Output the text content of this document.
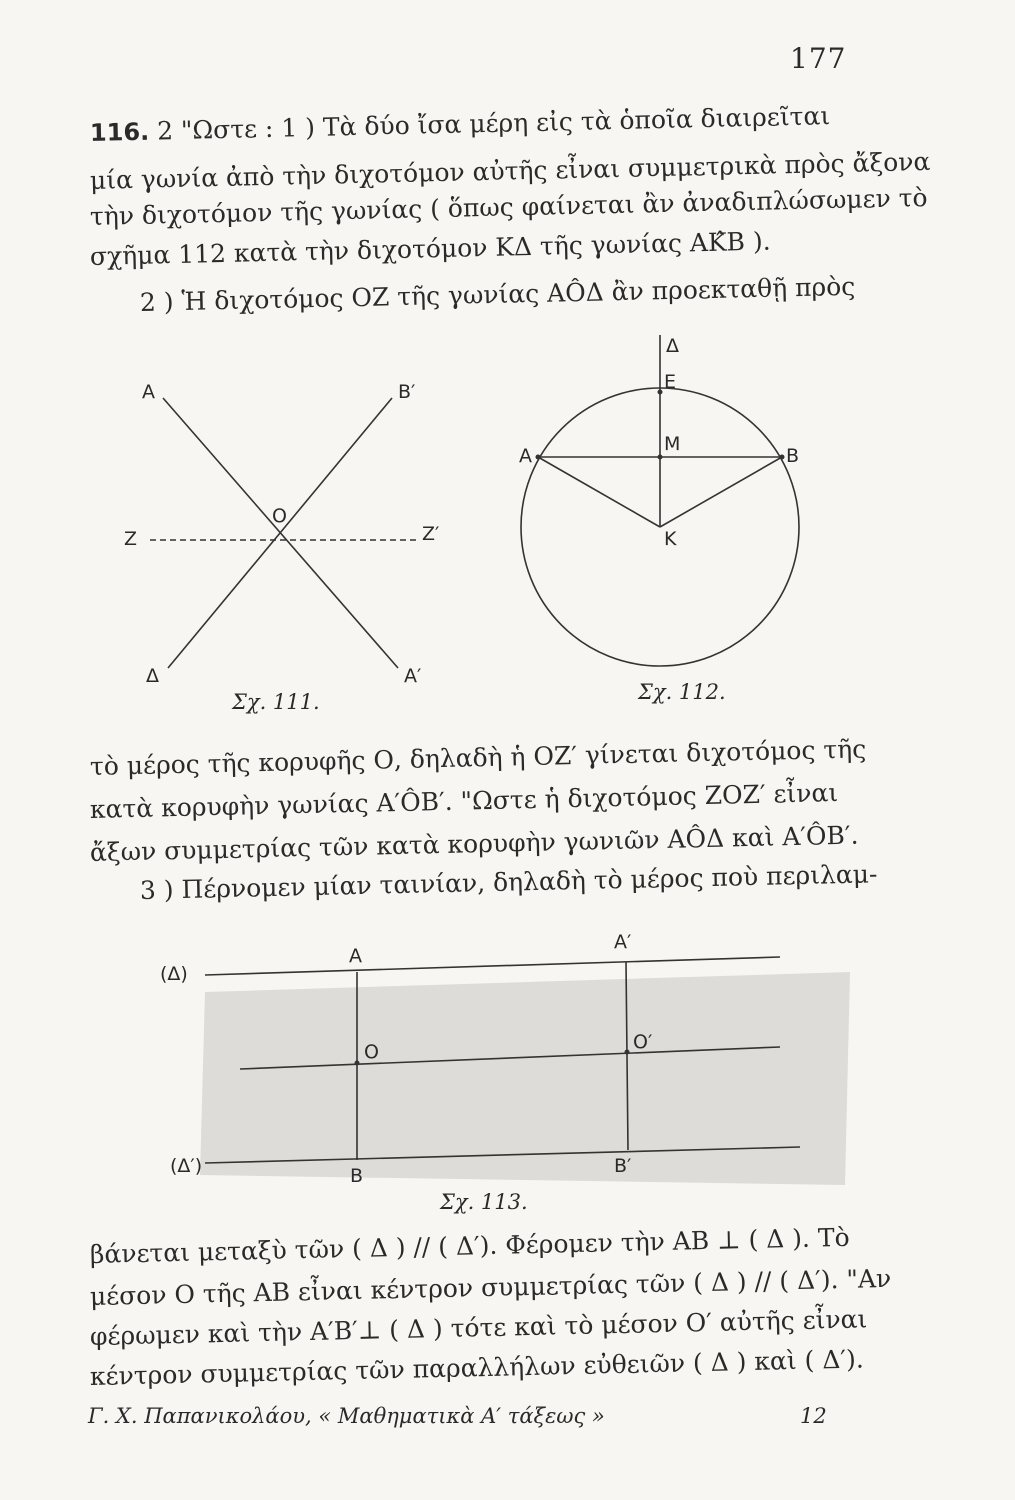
177
116. 2 "Ωστε : 1 ) Τὰ δύο ἴσα μέρη εἰς τὰ ὁποῖα διαιρεῖται
μία γωνία ἀπὸ τὴν διχοτόμον αὐτῆς εἶναι συμμετρικὰ πρὸς ἄξονα
τὴν διχοτόμον τῆς γωνίας ( ὅπως φαίνεται ἂν ἀναδιπλώσωμεν τὸ
σχῆμα 112 κατὰ τὴν διχοτόμον ΚΔ τῆς γωνίας ΑΚ̂Β ).
2 ) Ἡ διχοτόμος ΟΖ τῆς γωνίας ΑÔΔ ἂν προεκταθῇ πρὸς
τὸ μέρος τῆς κορυφῆς Ο, δηλαδὴ ἡ ΟΖ′ γίνεται διχοτόμος τῆς
κατὰ κορυφὴν γωνίας Α′ÔΒ′. "Ωστε ἡ διχοτόμος ΖΟΖ′ εἶναι
ἄξων συμμετρίας τῶν κατὰ κορυφὴν γωνιῶν ΑÔΔ καὶ Α′ÔΒ′.
3 ) Πέρνομεν μίαν ταινίαν, δηλαδὴ τὸ μέρος ποὺ περιλαμ-
βάνεται μεταξὺ τῶν ( Δ ) // ( Δ′). Φέρομεν τὴν ΑΒ ⊥ ( Δ ). Τὸ
μέσον Ο τῆς ΑΒ εἶναι κέντρον συμμετρίας τῶν ( Δ ) // ( Δ′). "Αν
φέρωμεν καὶ τὴν Α′Β′⊥ ( Δ ) τότε καὶ τὸ μέσον Ο′ αὐτῆς εἶναι
κέντρον συμμετρίας τῶν παραλλήλων εὐθειῶν ( Δ ) καὶ ( Δ′).
Γ. Χ. Παπανικολάου, « Μαθηματικὰ Α′ τάξεως »	12
Α	Β′
Ζ
Ο
Ζ′
Δ	Α′
Δ
Ε
Α
Μ
Β
Κ
(Δ)
(Δ′)
Α
Α′
Ο	Ο′
Β	Β′
Σχ. 111.	Σχ. 112.
Σχ. 113.
